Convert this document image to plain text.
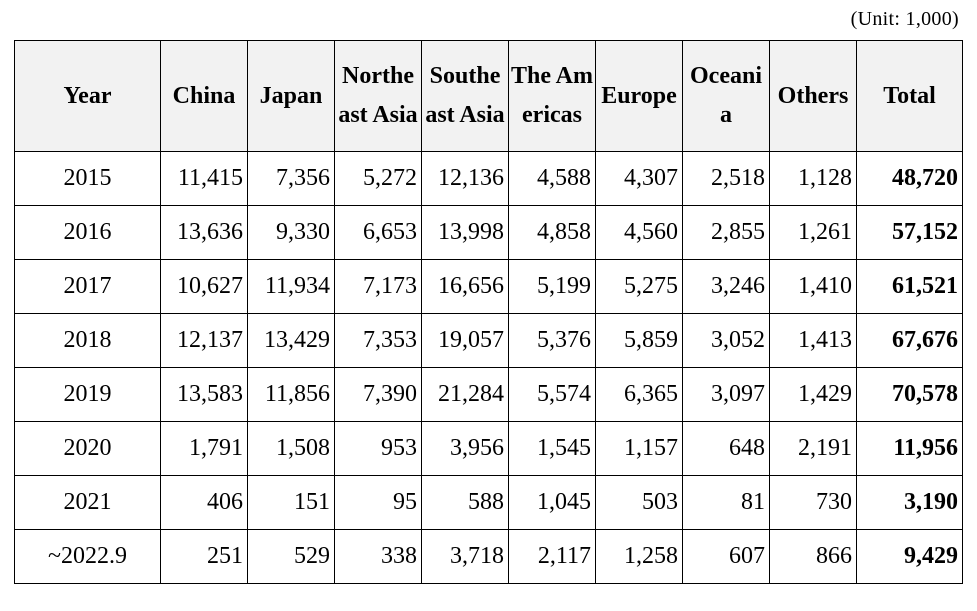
(Unit: 1,000)
Year	China	Japan	Northeast Asia	Southeast Asia	The Americas	Europe	Oceania	Others	Total
2015	11,415	7,356	5,272	12,136	4,588	4,307	2,518	1,128	48,720
2016	13,636	9,330	6,653	13,998	4,858	4,560	2,855	1,261	57,152
2017	10,627	11,934	7,173	16,656	5,199	5,275	3,246	1,410	61,521
2018	12,137	13,429	7,353	19,057	5,376	5,859	3,052	1,413	67,676
2019	13,583	11,856	7,390	21,284	5,574	6,365	3,097	1,429	70,578
2020	1,791	1,508	953	3,956	1,545	1,157	648	2,191	11,956
2021	406	151	95	588	1,045	503	81	730	3,190
~2022.9	251	529	338	3,718	2,117	1,258	607	866	9,429
